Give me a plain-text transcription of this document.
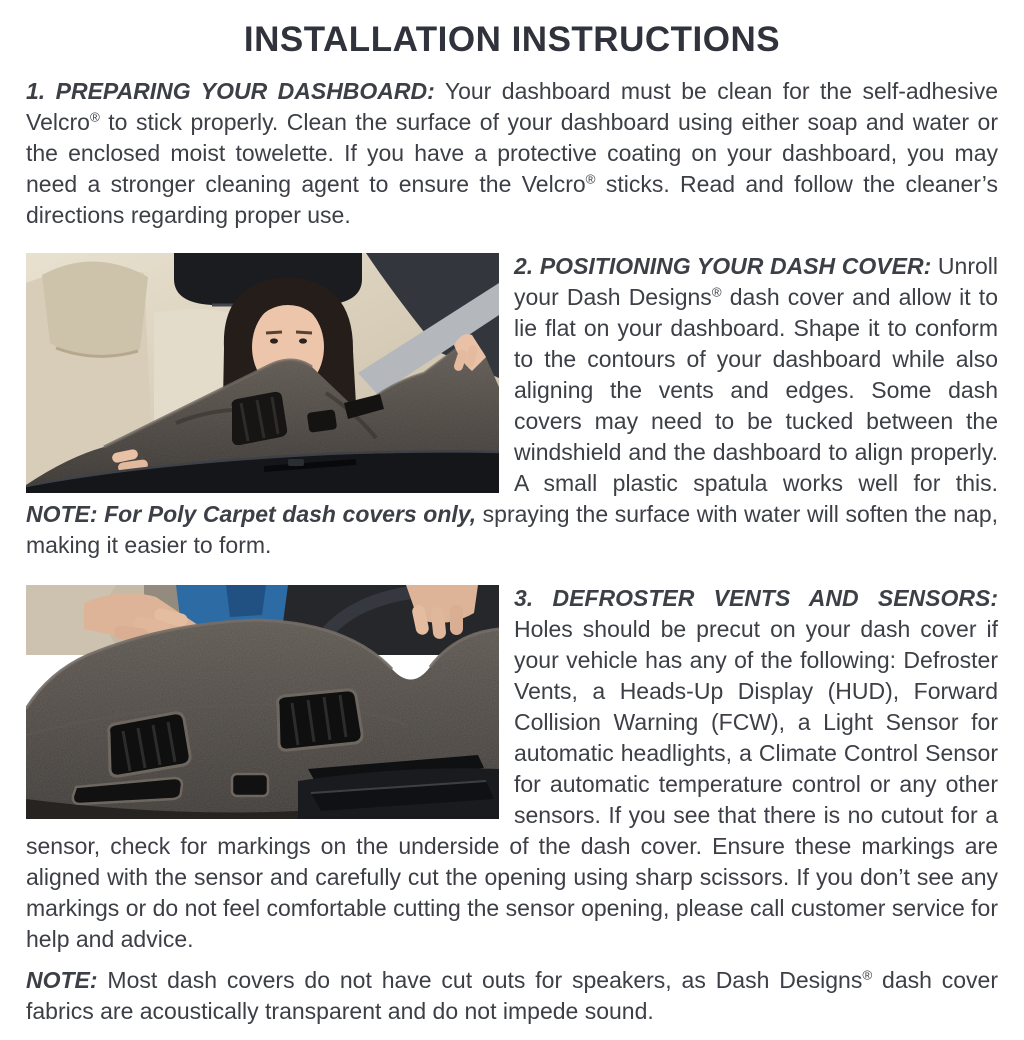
INSTALLATION INSTRUCTIONS

1. PREPARING YOUR DASHBOARD: Your dashboard must be clean for the self-adhesive Velcro® to stick properly. Clean the surface of your dashboard using either soap and water or the enclosed moist towelette. If you have a protective coating on your dashboard, you may need a stronger cleaning agent to ensure the Velcro® sticks. Read and follow the cleaner’s directions regarding proper use.

2. POSITIONING YOUR DASH COVER: Unroll your Dash Designs® dash cover and allow it to lie flat on your dashboard. Shape it to conform to the contours of your dashboard while also aligning the vents and edges. Some dash covers may need to be tucked between the windshield and the dashboard to align properly. A small plastic spatula works well for this. NOTE: For Poly Carpet dash covers only, spraying the surface with water will soften the nap, making it easier to form.

3. DEFROSTER VENTS AND SENSORS: Holes should be precut on your dash cover if your vehicle has any of the following: Defroster Vents, a Heads-Up Display (HUD), Forward Collision Warning (FCW), a Light Sensor for automatic headlights, a Climate Control Sensor for automatic temperature control or any other sensors. If you see that there is no cutout for a sensor, check for markings on the underside of the dash cover. Ensure these markings are aligned with the sensor and carefully cut the opening using sharp scissors. If you don’t see any markings or do not feel comfortable cutting the sensor opening, please call customer service for help and advice.

NOTE: Most dash covers do not have cut outs for speakers, as Dash Designs® dash cover fabrics are acoustically transparent and do not impede sound.
